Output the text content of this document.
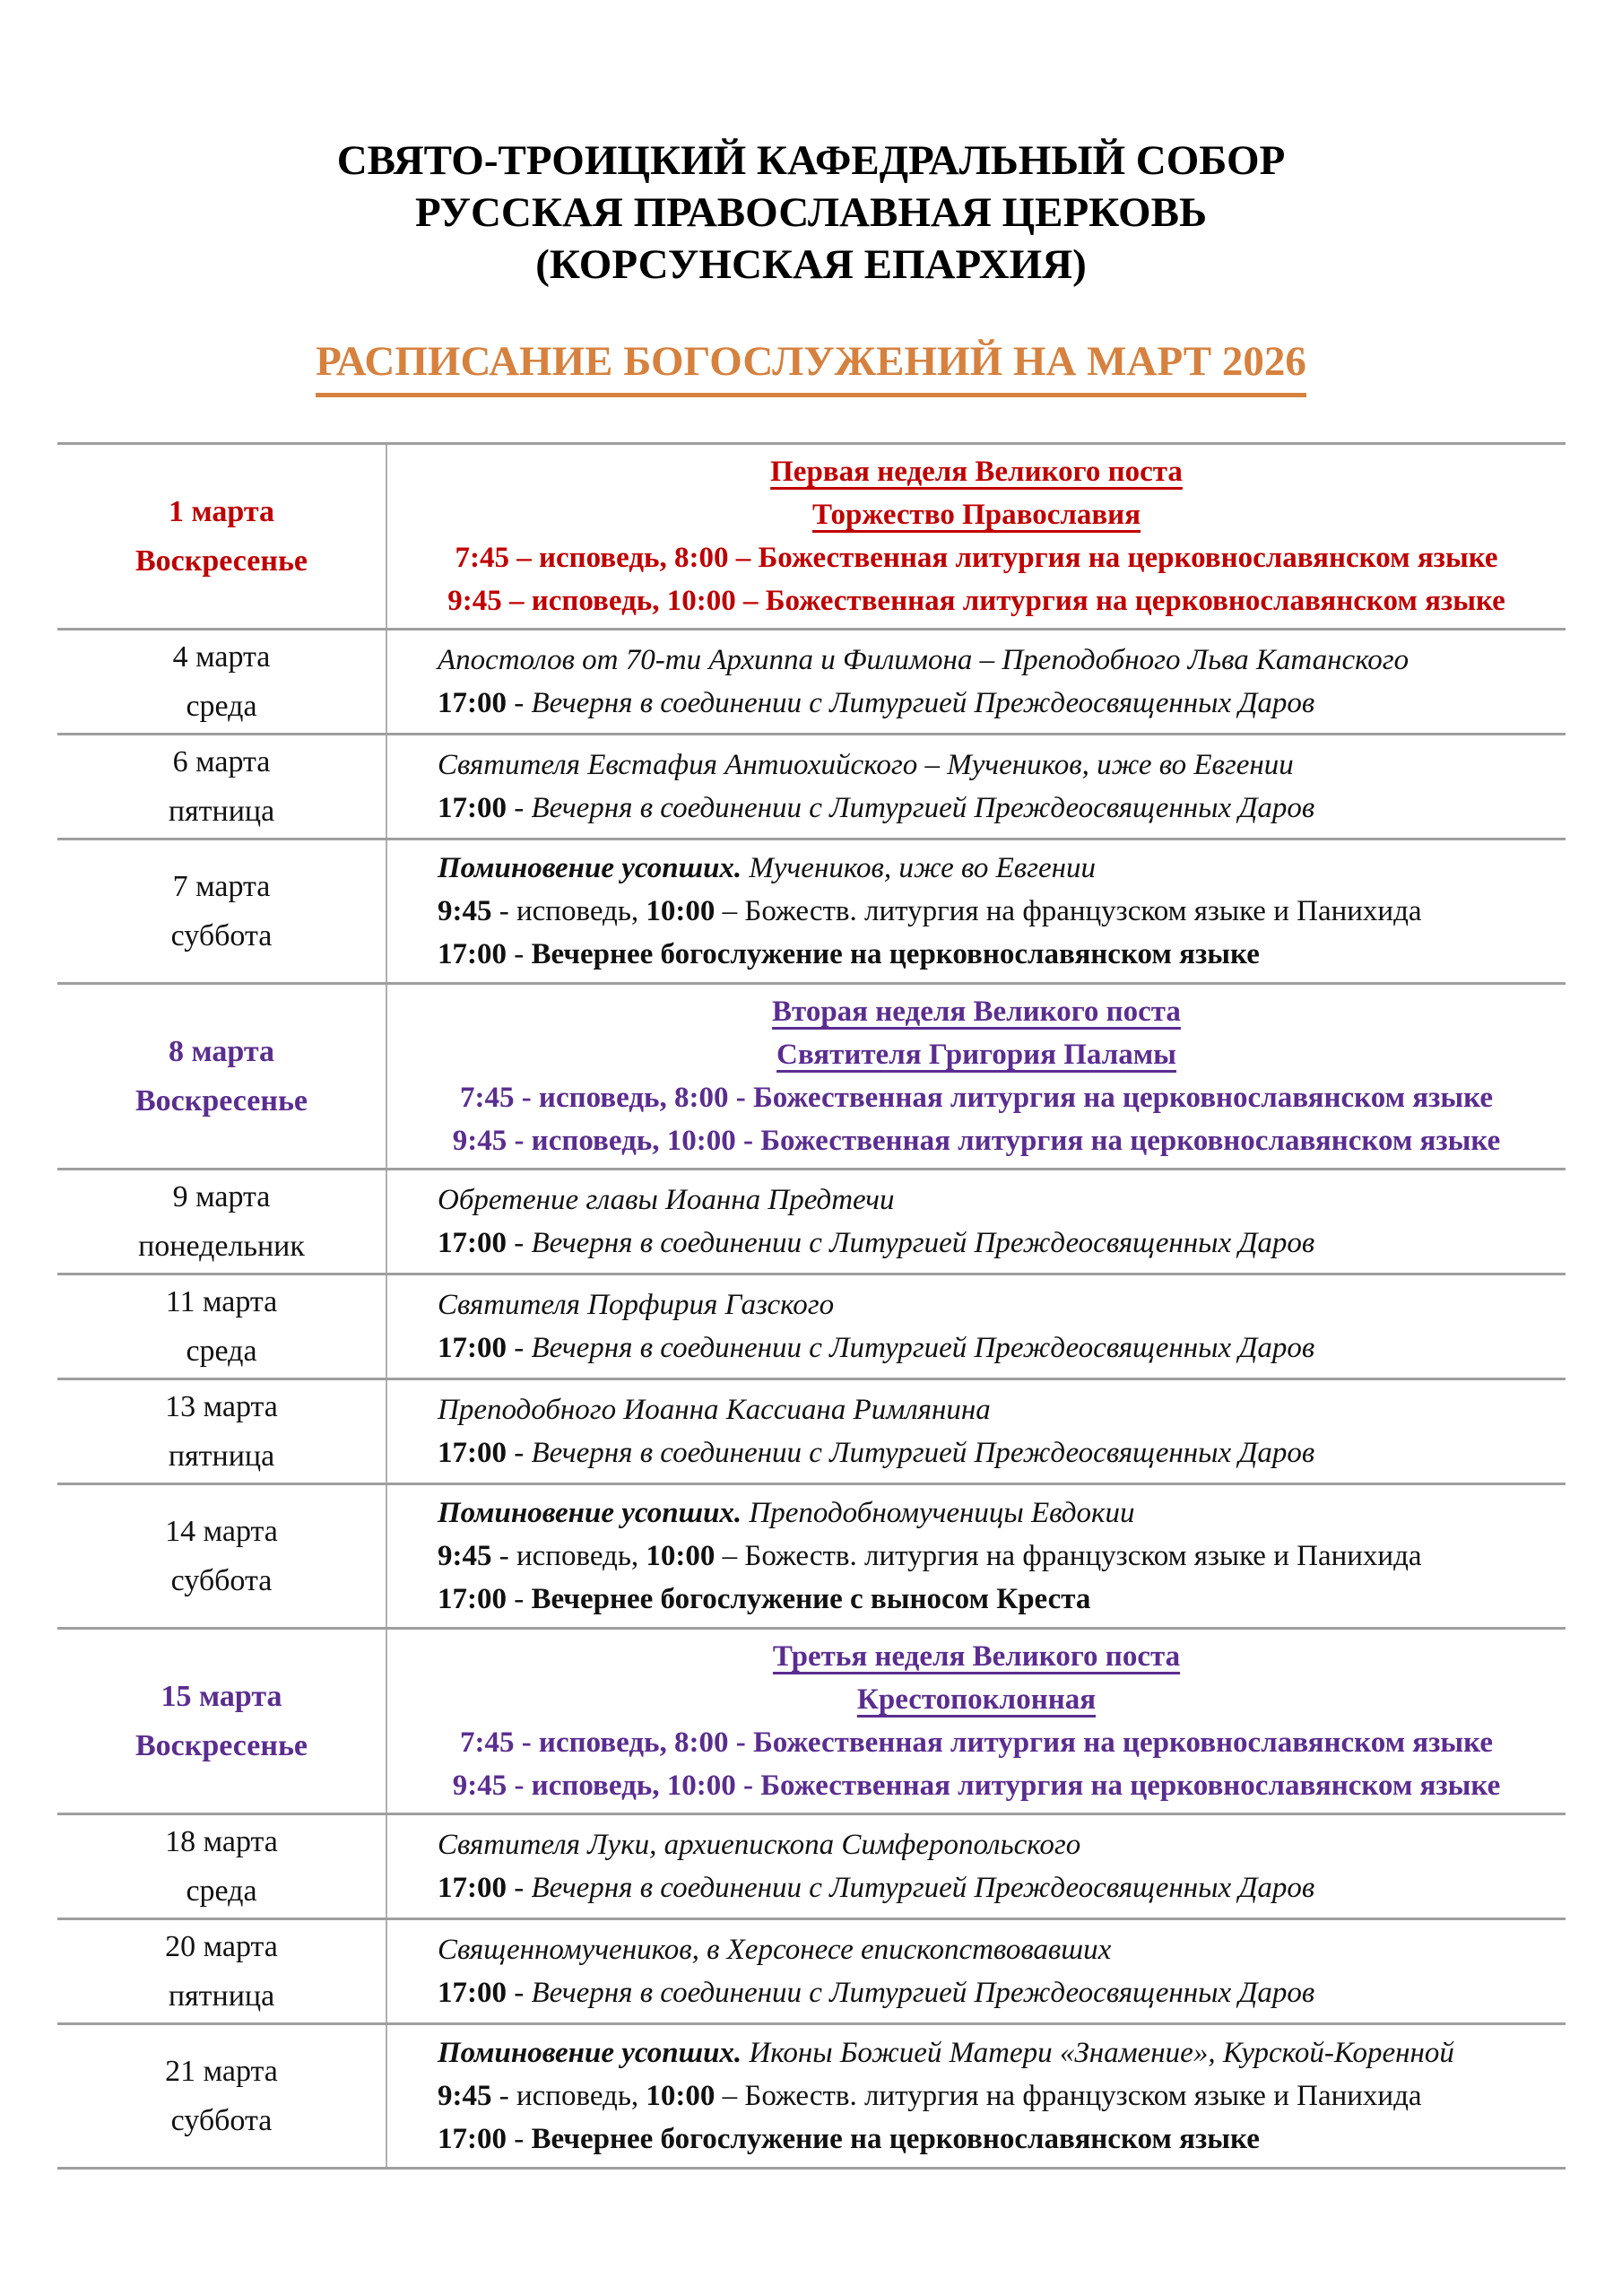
СВЯТО-ТРОИЦКИЙ КАФЕДРАЛЬНЫЙ СОБОР
РУССКАЯ ПРАВОСЛАВНАЯ ЦЕРКОВЬ
(КОРСУНСКАЯ ЕПАРХИЯ)
РАСПИСАНИЕ БОГОСЛУЖЕНИЙ НА МАРТ 2026
1 марта
Воскресенье
Первая неделя Великого поста
Торжество Православия
7:45 – исповедь, 8:00 – Божественная литургия на церковнославянском языке
9:45 – исповедь, 10:00 – Божественная литургия на церковнославянском языке
4 марта
среда
Апостолов от 70-ти Архиппа и Филимона – Преподобного Льва Катанского
17:00 - Вечерня в соединении с Литургией Преждеосвященных Даров
6 марта
пятница
Святителя Евстафия Антиохийского – Мучеников, иже во Евгении
17:00 - Вечерня в соединении с Литургией Преждеосвященных Даров
7 марта
суббота
Поминовение усопших. Мучеников, иже во Евгении
9:45 - исповедь, 10:00 – Божеств. литургия на французском языке и Панихида
17:00 - Вечернее богослужение на церковнославянском языке
8 марта
Воскресенье
Вторая неделя Великого поста
Святителя Григория Паламы
7:45 - исповедь, 8:00 - Божественная литургия на церковнославянском языке
9:45 - исповедь, 10:00 - Божественная литургия на церковнославянском языке
9 марта
понедельник
Обретение главы Иоанна Предтечи
17:00 - Вечерня в соединении с Литургией Преждеосвященных Даров
11 марта
среда
Святителя Порфирия Газского
17:00 - Вечерня в соединении с Литургией Преждеосвященных Даров
13 марта
пятница
Преподобного Иоанна Кассиана Римлянина
17:00 - Вечерня в соединении с Литургией Преждеосвященных Даров
14 марта
суббота
Поминовение усопших. Преподобномученицы Евдокии
9:45 - исповедь, 10:00 – Божеств. литургия на французском языке и Панихида
17:00 - Вечернее богослужение с выносом Креста
15 марта
Воскресенье
Третья неделя Великого поста
Крестопоклонная
7:45 - исповедь, 8:00 - Божественная литургия на церковнославянском языке
9:45 - исповедь, 10:00 - Божественная литургия на церковнославянском языке
18 марта
среда
Святителя Луки, архиепископа Симферопольского
17:00 - Вечерня в соединении с Литургией Преждеосвященных Даров
20 марта
пятница
Священномучеников, в Херсонесе епископствовавших
17:00 - Вечерня в соединении с Литургией Преждеосвященных Даров
21 марта
суббота
Поминовение усопших. Иконы Божией Матери «Знамение», Курской-Коренной
9:45 - исповедь, 10:00 – Божеств. литургия на французском языке и Панихида
17:00 - Вечернее богослужение на церковнославянском языке
